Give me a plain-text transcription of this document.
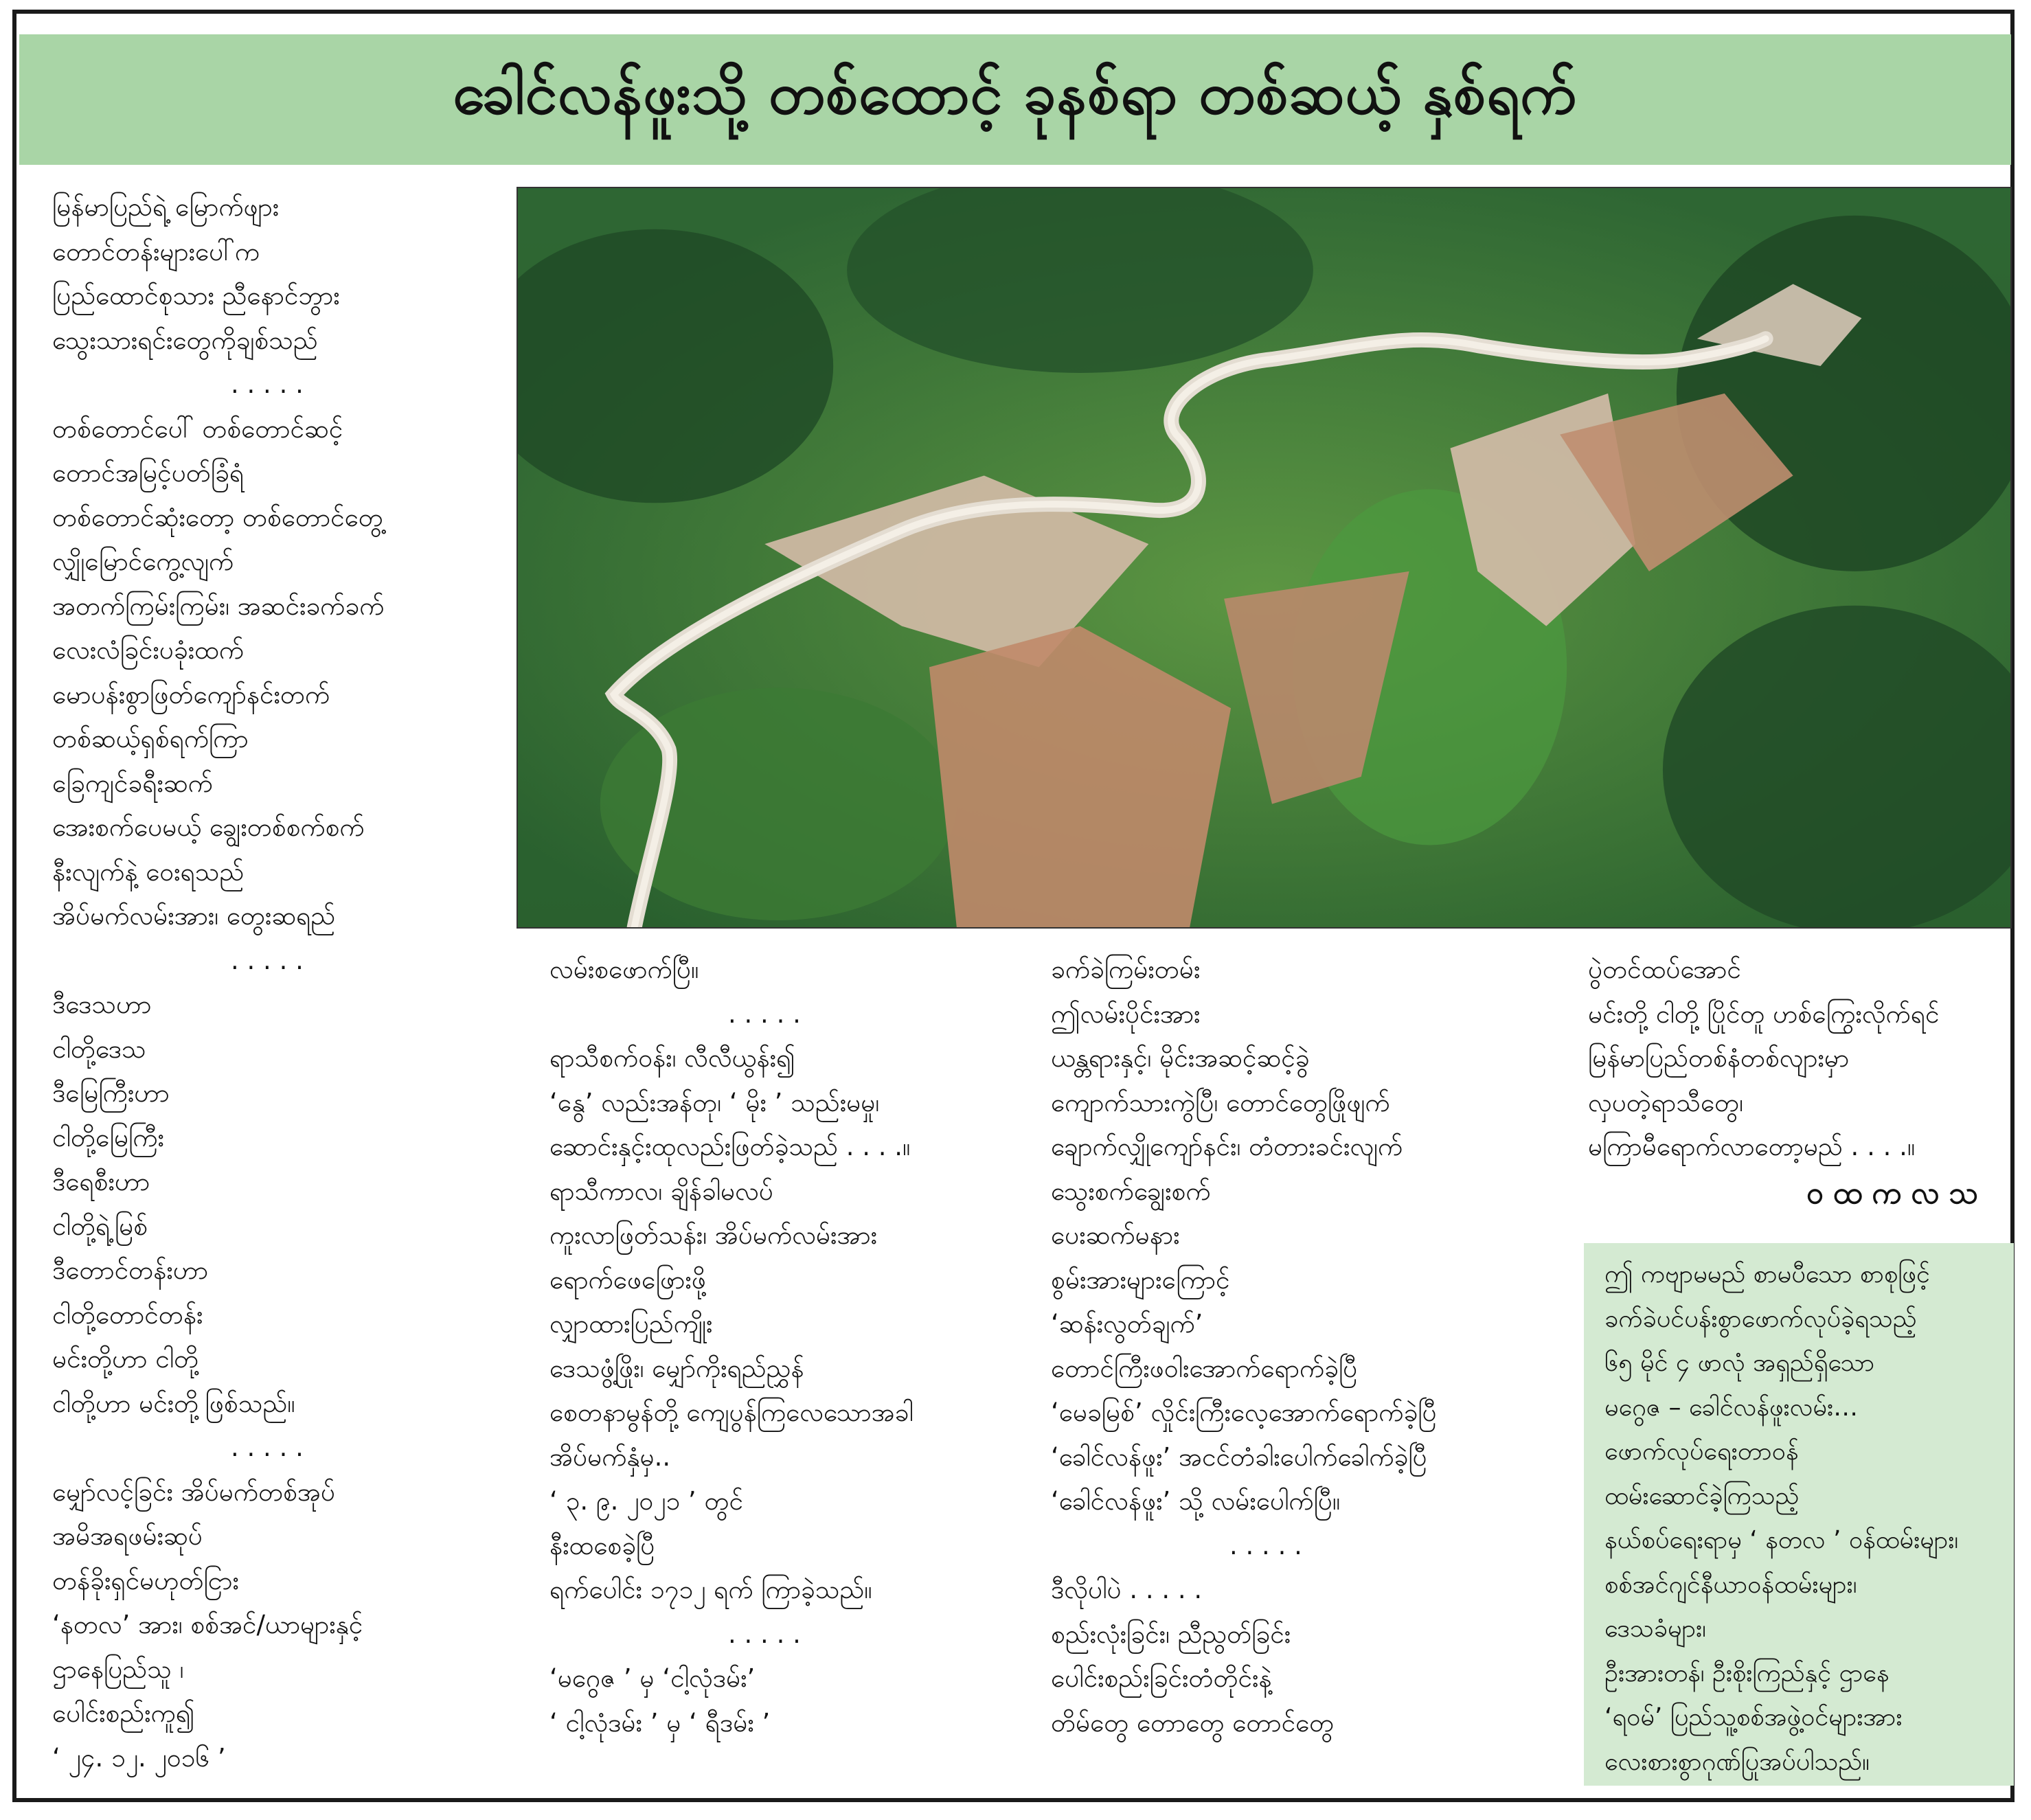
ခေါင်လန်ဖူးသို့ တစ်ထောင့် ခုနစ်ရာ တစ်ဆယ့် နှစ်ရက်
မြန်မာပြည်ရဲ့ မြောက်ဖျား
တောင်တန်းများပေါ်က
ပြည်ထောင်စုသား ညီနောင်ဘွား
သွေးသားရင်းတွေကိုချစ်သည်
. . . . .
တစ်တောင်ပေါ် တစ်တောင်ဆင့်
တောင်အမြင့်ပတ်ခြံရံ
တစ်တောင်ဆုံးတော့ တစ်တောင်တွေ့
လျှိုမြောင်ကွေ့လျက်
အတက်ကြမ်းကြမ်း၊ အဆင်းခက်ခက်
လေးလံခြင်းပခုံးထက်
မောပန်းစွာဖြတ်ကျော်နင်းတက်
တစ်ဆယ့်ရှစ်ရက်ကြာ
ခြေကျင်ခရီးဆက်
အေးစက်ပေမယ့် ချွေးတစ်စက်စက်
နီးလျက်နဲ့ ဝေးရသည်
အိပ်မက်လမ်းအား၊ တွေးဆရည်
. . . . .
ဒီဒေသဟာ
ငါတို့ဒေသ
ဒီမြေကြီးဟာ
ငါတို့မြေကြီး
ဒီရေစီးဟာ
ငါတို့ရဲ့မြစ်
ဒီတောင်တန်းဟာ
ငါတို့တောင်တန်း
မင်းတို့ဟာ ငါတို့
ငါတို့ဟာ မင်းတို့ဖြစ်သည်။
. . . . .
မျှော်လင့်ခြင်း အိပ်မက်တစ်အုပ်
အမိအရဖမ်းဆုပ်
တန်ခိုးရှင်မဟုတ်ငြား
‘နတလ’ အား၊ စစ်အင်/ယာများနှင့်
ဌာနေပြည်သူ ၊
ပေါင်းစည်းကူ၍
‘ ၂၄. ၁၂. ၂၀၁၆ ’
လမ်းစဖောက်ပြီ။
. . . . .
ရာသီစက်ဝန်း၊ လီလီယွန်း၍
‘နွေ’ လည်းအန်တု၊ ‘ မိုး ’ သည်းမမှု၊
ဆောင်းနှင့်းထုလည်းဖြတ်ခဲ့သည် . . . .။
ရာသီကာလ၊ ချိန်ခါမလပ်
ကူးလာဖြတ်သန်း၊ အိပ်မက်လမ်းအား
ရောက်ဖေဖြေားဖို့
လျှာထားပြည်ကျိုး
ဒေသဖွံ့ဖြိုး၊ မျှော်ကိုးရည်ညွှန်
စေတနာမွန်တို့ ကျေပွန်ကြလေသောအခါ
အိပ်မက်နှံမှ..
‘ ၃. ၉. ၂၀၂၁ ’ တွင်
နီးထစေခဲ့ပြီ
ရက်ပေါင်း ၁၇၁၂ ရက် ကြာခဲ့သည်။
. . . . .
‘မဂွေဇ ’ မှ ‘ငါ့လုံဒမ်း’
‘ ငါ့လုံဒမ်း ’ မှ ‘ ရီဒမ်း ’
ခက်ခဲကြမ်းတမ်း
ဤလမ်းပိုင်းအား
ယန္တရားနှင့်၊ မိုင်းအဆင့်ဆင့်ခွဲ
ကျောက်သားကွဲပြီ၊ တောင်တွေဖြိုဖျက်
ချောက်လျှိုကျော်နင်း၊ တံတားခင်းလျက်
သွေးစက်ချွေးစက်
ပေးဆက်မနား
စွမ်းအားများကြောင့်
‘ဆန်းလွတ်ချက်’
တောင်ကြီးဖဝါးအောက်ရောက်ခဲ့ပြီ
‘မေခမြစ်’ လှိုင်းကြီးလေ့အောက်ရောက်ခဲ့ပြီ
‘ခေါင်လန်ဖူး’ အငင်တံခါးပေါက်ခေါက်ခဲ့ပြီ
‘ခေါင်လန်ဖူး’ သို့ လမ်းပေါက်ပြီ။
. . . . .
ဒီလိုပါပဲ . . . . .
စည်းလုံးခြင်း၊ ညီညွတ်ခြင်း
ပေါင်းစည်းခြင်းတံတိုင်းနဲ့
တိမ်တွေ တောတွေ တောင်တွေ
ပွဲတင်ထပ်အောင်
မင်းတို့ ငါတို့ ပြိုင်တူ ဟစ်ကြွေးလိုက်ရင်
မြန်မာပြည်တစ်နံတစ်လျားမှာ
လှပတဲ့ရာသီတွေ၊
မကြာမီရောက်လာတော့မည် . . . .။
ဝထကလသ
ဤ ကဗျာမမည် စာမပီသော စာစုဖြင့်
ခက်ခဲပင်ပန်းစွာဖောက်လုပ်ခဲ့ရသည့်
၆၅ မိုင် ၄ ဖာလုံ အရှည်ရှိသော
မဂွေဇ – ခေါင်လန်ဖူးလမ်း…
ဖောက်လုပ်ရေးတာဝန်
ထမ်းဆောင်ခဲ့ကြသည့်
နယ်စပ်ရေးရာမှ ‘ နတလ ’ ဝန်ထမ်းများ၊
စစ်အင်ဂျင်နီယာဝန်ထမ်းများ၊
ဒေသခံများ၊
ဦးအားတန်၊ ဦးစိုးကြည်နှင့် ဌာနေ
‘ရဝမ်’ ပြည်သူ့စစ်အဖွဲ့ဝင်များအား
လေးစားစွာဂုဏ်ပြုအပ်ပါသည်။
